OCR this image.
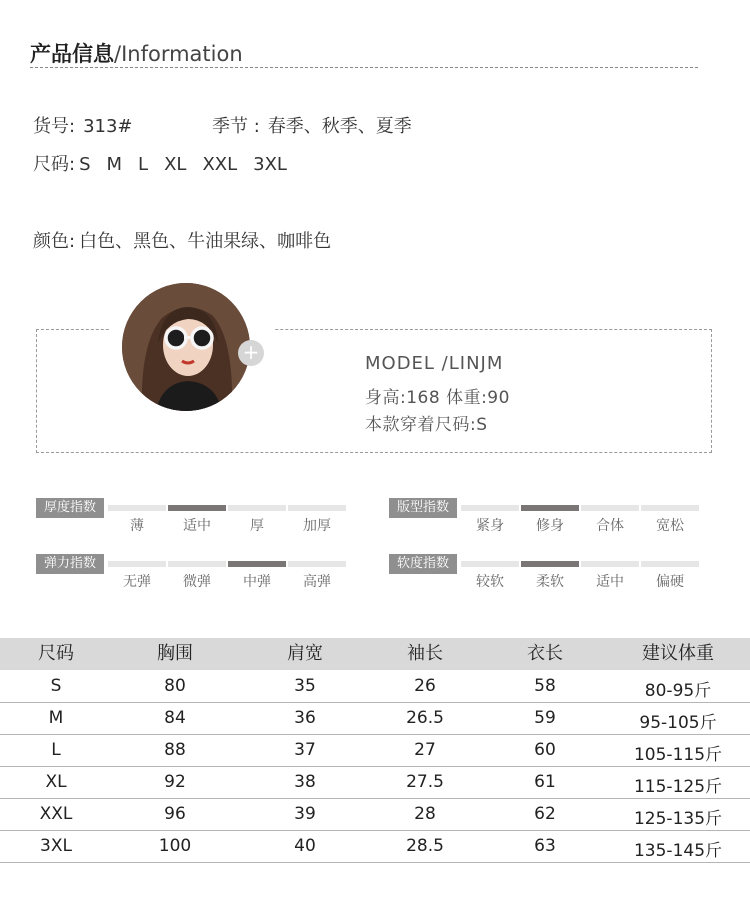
产品信息/Information
货号: 313#	季节 : 春季、秋季、夏季
尺码: S M L XL XXL 3XL
颜色: 白色、黑色、牛油果绿、咖啡色
+	MODEL /LINJM
身高:168 体重:90
本款穿着尺码:S
厚度指数
薄	适中	厚	加厚
版型指数
紧身	修身	合体	宽松
弹力指数
无弹	微弹	中弹	高弹
软度指数
较软	柔软	适中	偏硬
尺码	胸围	肩宽	袖长	衣长	建议体重
S	80	35	26	58	80-95斤
M	84	36	26.5	59	95-105斤
L	88	37	27	60	105-115斤
XL	92	38	27.5	61	115-125斤
XXL	96	39	28	62	125-135斤
3XL	100	40	28.5	63	135-145斤
